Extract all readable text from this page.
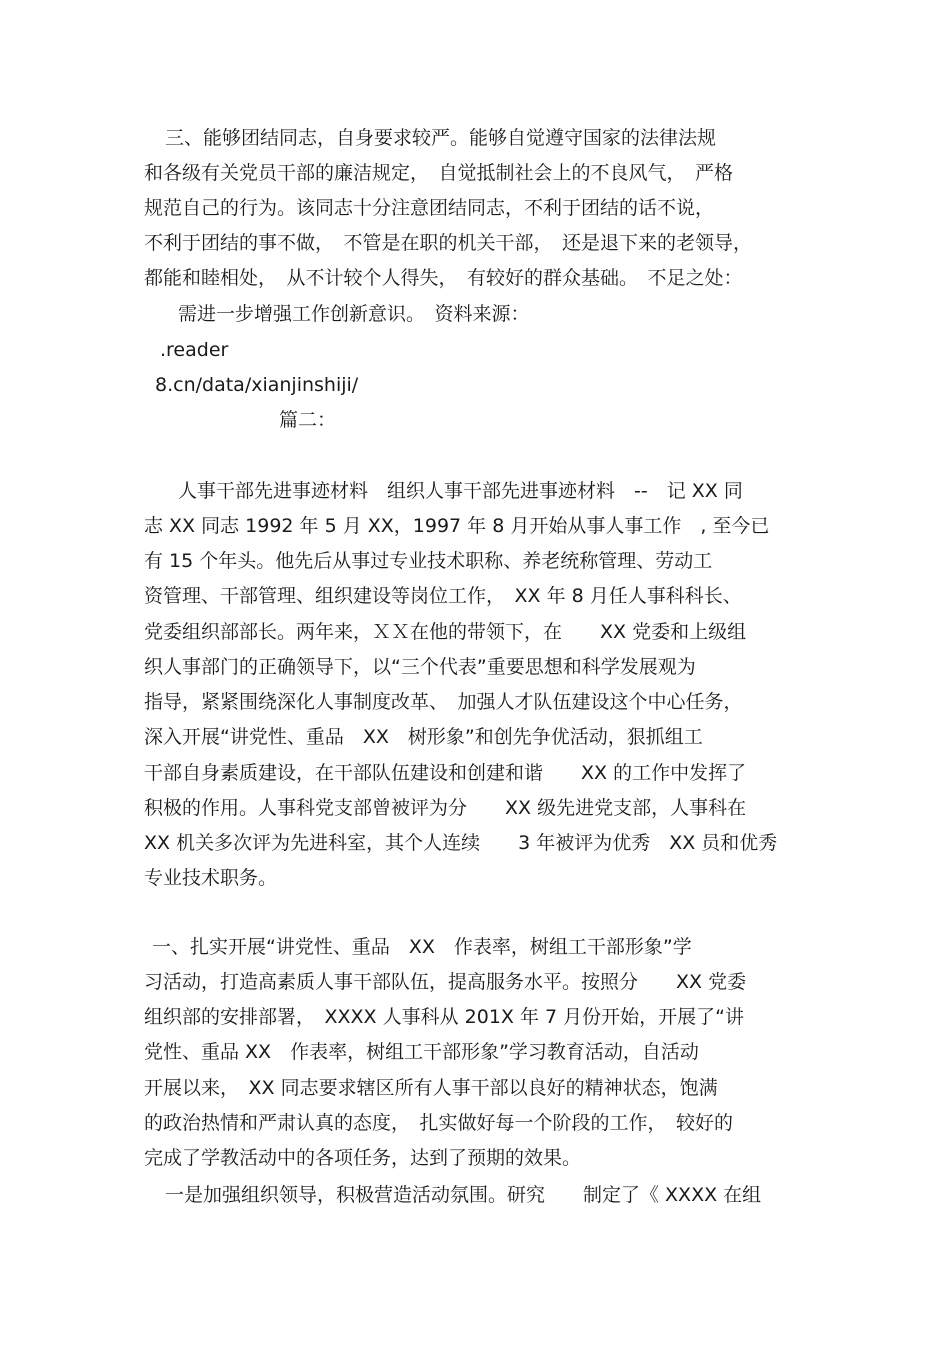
三、能够团结同志，自身要求较严。能够自觉遵守国家的法律法规
和各级有关党员干部的廉洁规定，　自觉抵制社会上的不良风气，　严格
规范自己的行为。该同志十分注意团结同志，不利于团结的话不说，
不利于团结的事不做，　不管是在职的机关干部，　还是退下来的老领导，
都能和睦相处，　从不计较个人得失，　有较好的群众基础。　不足之处：
需进一步增强工作创新意识。　资料来源：
.reader
8.cn/data/xianjinshiji/
篇二：
人事干部先进事迹材料　组织人事干部先进事迹材料　--　记 XX 同
志 XX 同志 1992 年 5 月 XX，1997 年 8 月开始从事人事工作　, 至今已
有 15 个年头。他先后从事过专业技术职称、养老统称管理、劳动工
资管理、干部管理、组织建设等岗位工作，　XX 年 8 月任人事科科长、
党委组织部部长。两年来，ＸＸ在他的带领下，在　　XX 党委和上级组
织人事部门的正确领导下，以“三个代表”重要思想和科学发展观为
指导，紧紧围绕深化人事制度改革、　加强人才队伍建设这个中心任务，
深入开展“讲党性、重品　XX　树形象”和创先争优活动，狠抓组工
干部自身素质建设，在干部队伍建设和创建和谐　　XX 的工作中发挥了
积极的作用。人事科党支部曾被评为分　　XX 级先进党支部，人事科在
XX 机关多次评为先进科室，其个人连续　　3 年被评为优秀　XX 员和优秀
专业技术职务。
一、扎实开展“讲党性、重品　XX　作表率，树组工干部形象”学
习活动，打造高素质人事干部队伍，提高服务水平。按照分　　XX 党委
组织部的安排部署，　XXXX 人事科从 201X 年 7 月份开始，开展了“讲
党性、重品 XX　作表率，树组工干部形象”学习教育活动，自活动
开展以来，　XX 同志要求辖区所有人事干部以良好的精神状态，饱满
的政治热情和严肃认真的态度，　扎实做好每一个阶段的工作，　较好的
完成了学教活动中的各项任务，达到了预期的效果。
一是加强组织领导，积极营造活动氛围。研究　　制定了《 XXXX 在组
